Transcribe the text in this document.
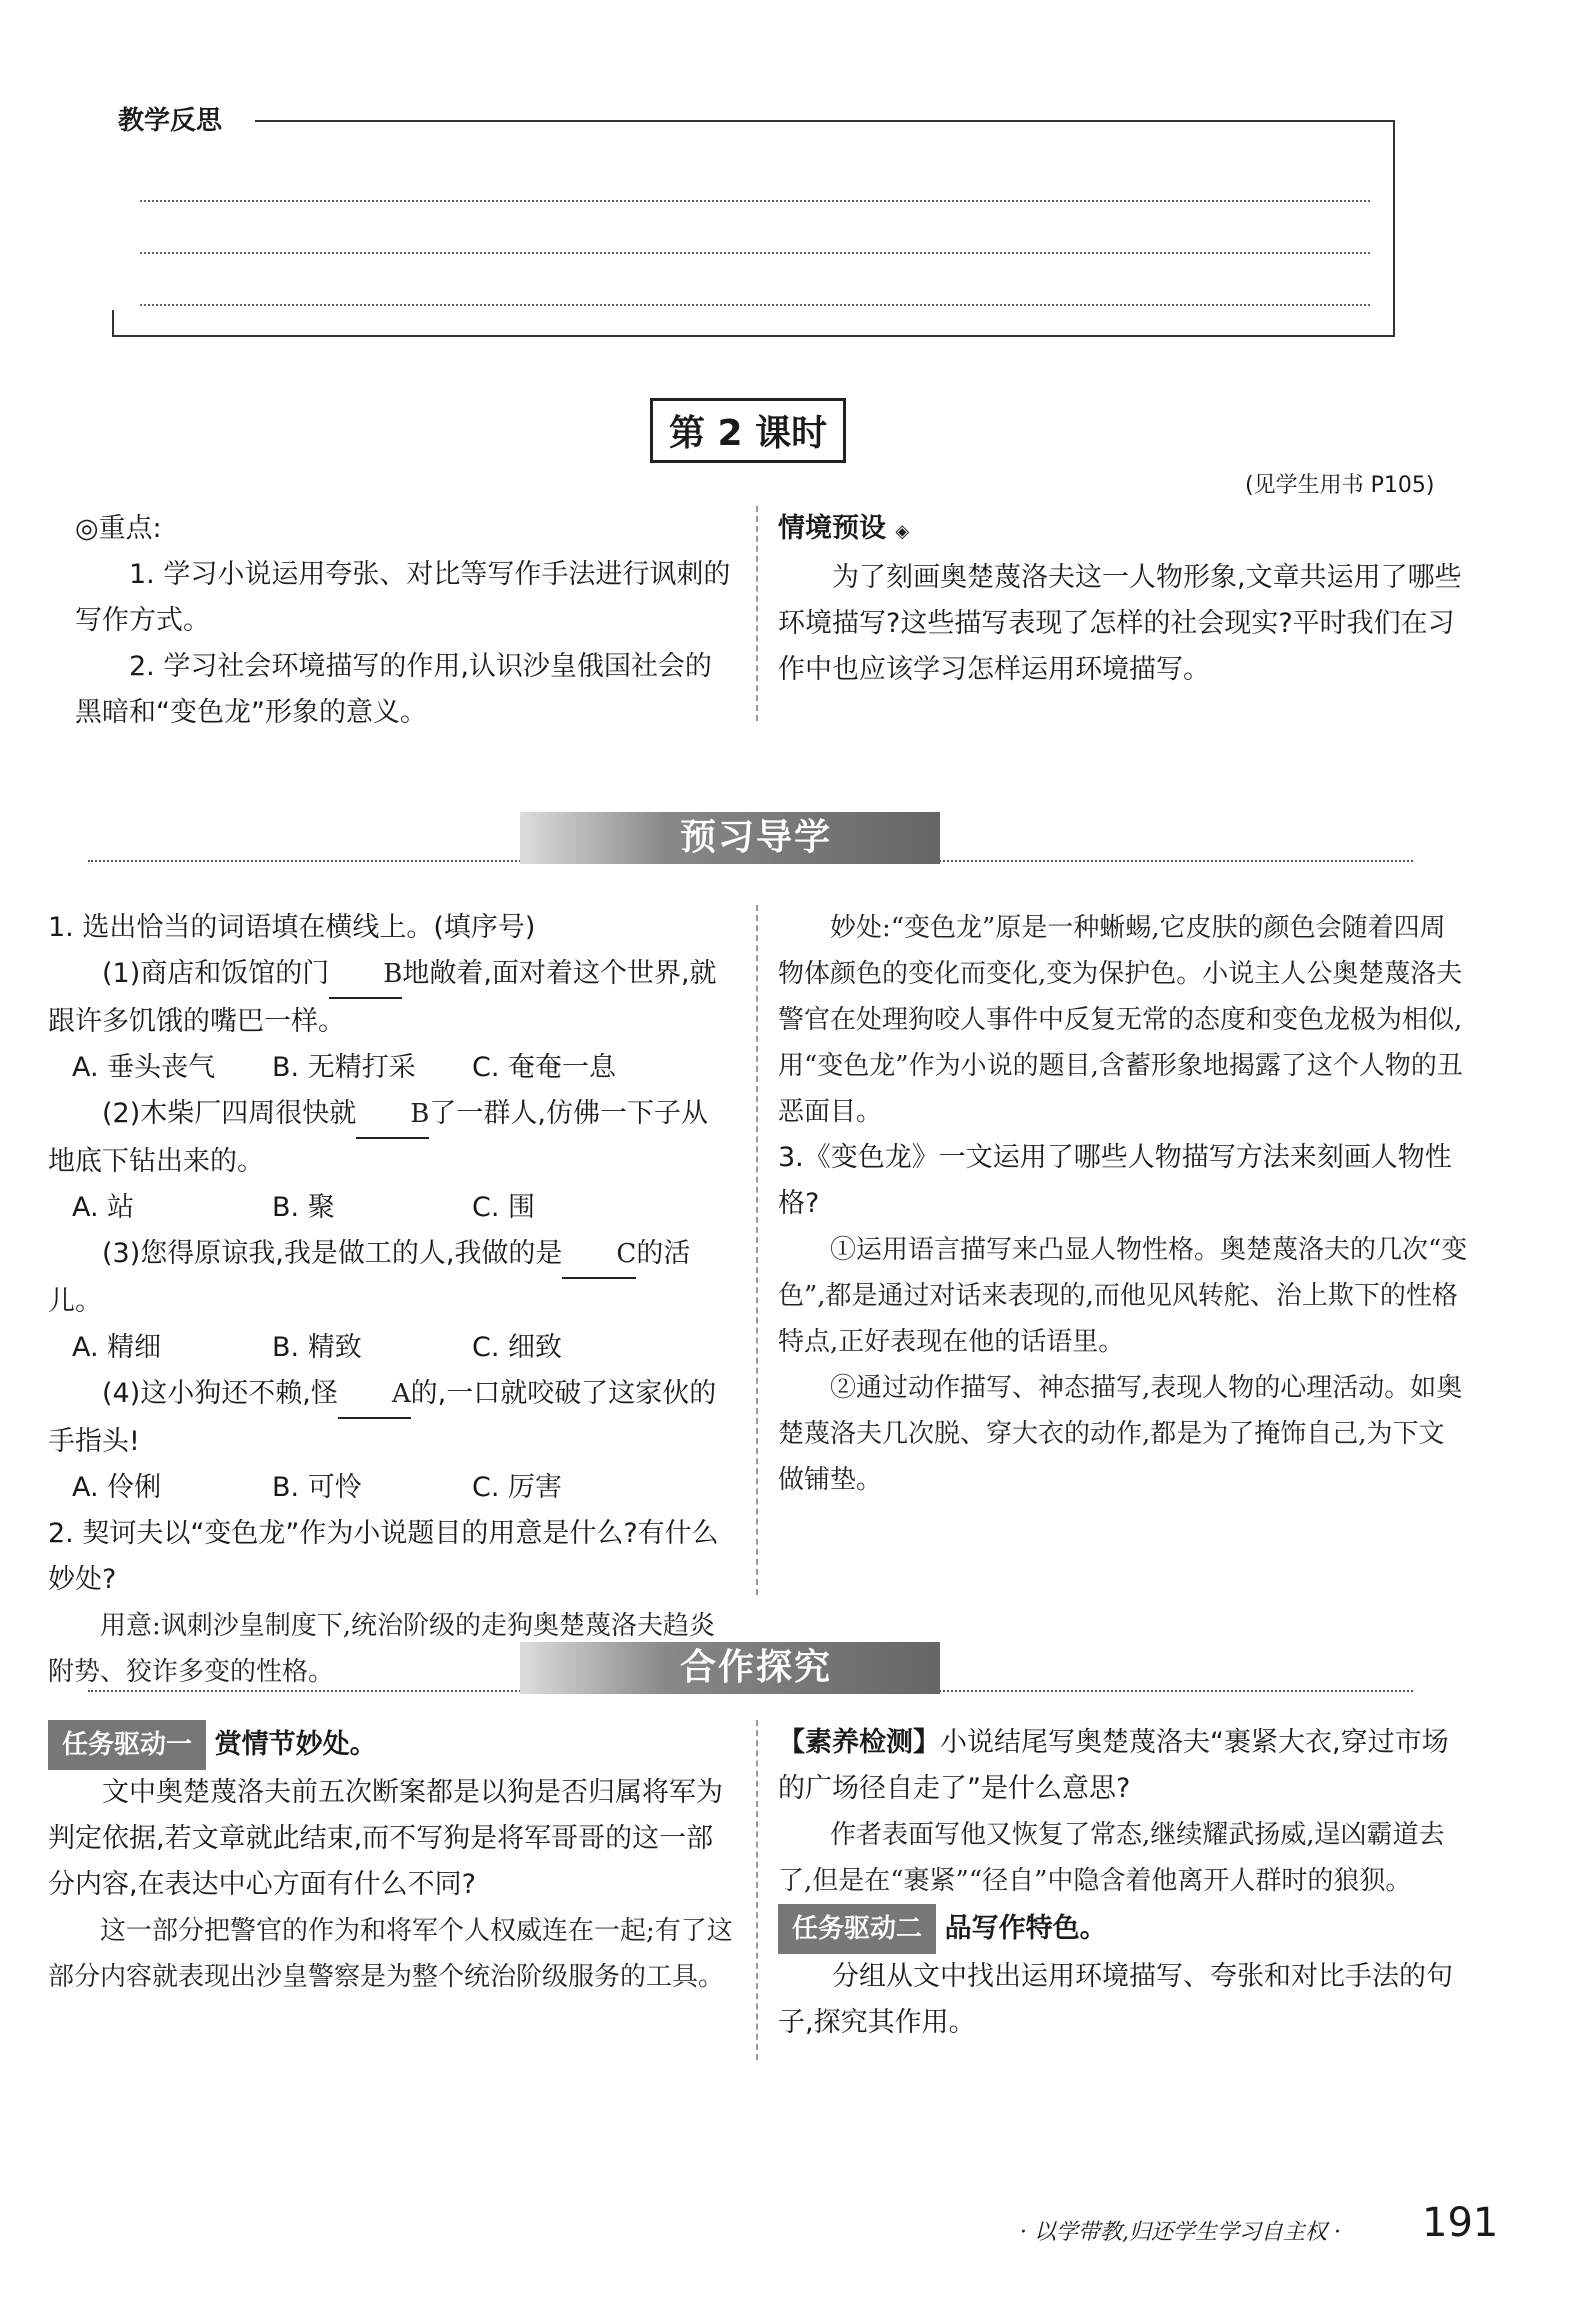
教学反思
第 2 课时
(见学生用书 P105)
◎重点:
1. 学习小说运用夸张、对比等写作手法进行讽刺的写作方式。
2. 学习社会环境描写的作用,认识沙皇俄国社会的黑暗和“变色龙”形象的意义。
情境预设 ◈
为了刻画奥楚蔑洛夫这一人物形象,文章共运用了哪些环境描写?这些描写表现了怎样的社会现实?平时我们在习作中也应该学习怎样运用环境描写。
预习导学
1. 选出恰当的词语填在横线上。(填序号)
(1)商店和饭馆的门 B地敞着,面对着这个世界,就跟许多饥饿的嘴巴一样。
A. 垂头丧气 B. 无精打采 C. 奄奄一息
(2)木柴厂四周很快就 B了一群人,仿佛一下子从地底下钻出来的。
A. 站	B. 聚	C. 围
(3)您得原谅我,我是做工的人,我做的是 C的活儿。
A. 精细	B. 精致	C. 细致
(4)这小狗还不赖,怪 A的,一口就咬破了这家伙的手指头!
A. 伶俐	B. 可怜	C. 厉害
2. 契诃夫以“变色龙”作为小说题目的用意是什么?有什么妙处?
用意:讽刺沙皇制度下,统治阶级的走狗奥楚蔑洛夫趋炎附势、狡诈多变的性格。
妙处:“变色龙”原是一种蜥蜴,它皮肤的颜色会随着四周物体颜色的变化而变化,变为保护色。小说主人公奥楚蔑洛夫警官在处理狗咬人事件中反复无常的态度和变色龙极为相似,用“变色龙”作为小说的题目,含蓄形象地揭露了这个人物的丑恶面目。
3.《变色龙》一文运用了哪些人物描写方法来刻画人物性格?
①运用语言描写来凸显人物性格。奥楚蔑洛夫的几次“变色”,都是通过对话来表现的,而他见风转舵、治上欺下的性格特点,正好表现在他的话语里。
②通过动作描写、神态描写,表现人物的心理活动。如奥楚蔑洛夫几次脱、穿大衣的动作,都是为了掩饰自己,为下文做铺垫。
合作探究
任务驱动一 赏情节妙处。
文中奥楚蔑洛夫前五次断案都是以狗是否归属将军为判定依据,若文章就此结束,而不写狗是将军哥哥的这一部分内容,在表达中心方面有什么不同?
这一部分把警官的作为和将军个人权威连在一起;有了这部分内容就表现出沙皇警察是为整个统治阶级服务的工具。
【素养检测】小说结尾写奥楚蔑洛夫“裹紧大衣,穿过市场的广场径自走了”是什么意思?
作者表面写他又恢复了常态,继续耀武扬威,逞凶霸道去了,但是在“裹紧”“径自”中隐含着他离开人群时的狼狈。
任务驱动二 品写作特色。
分组从文中找出运用环境描写、夸张和对比手法的句子,探究其作用。
· 以学带教,归还学生学习自主权 · 191
